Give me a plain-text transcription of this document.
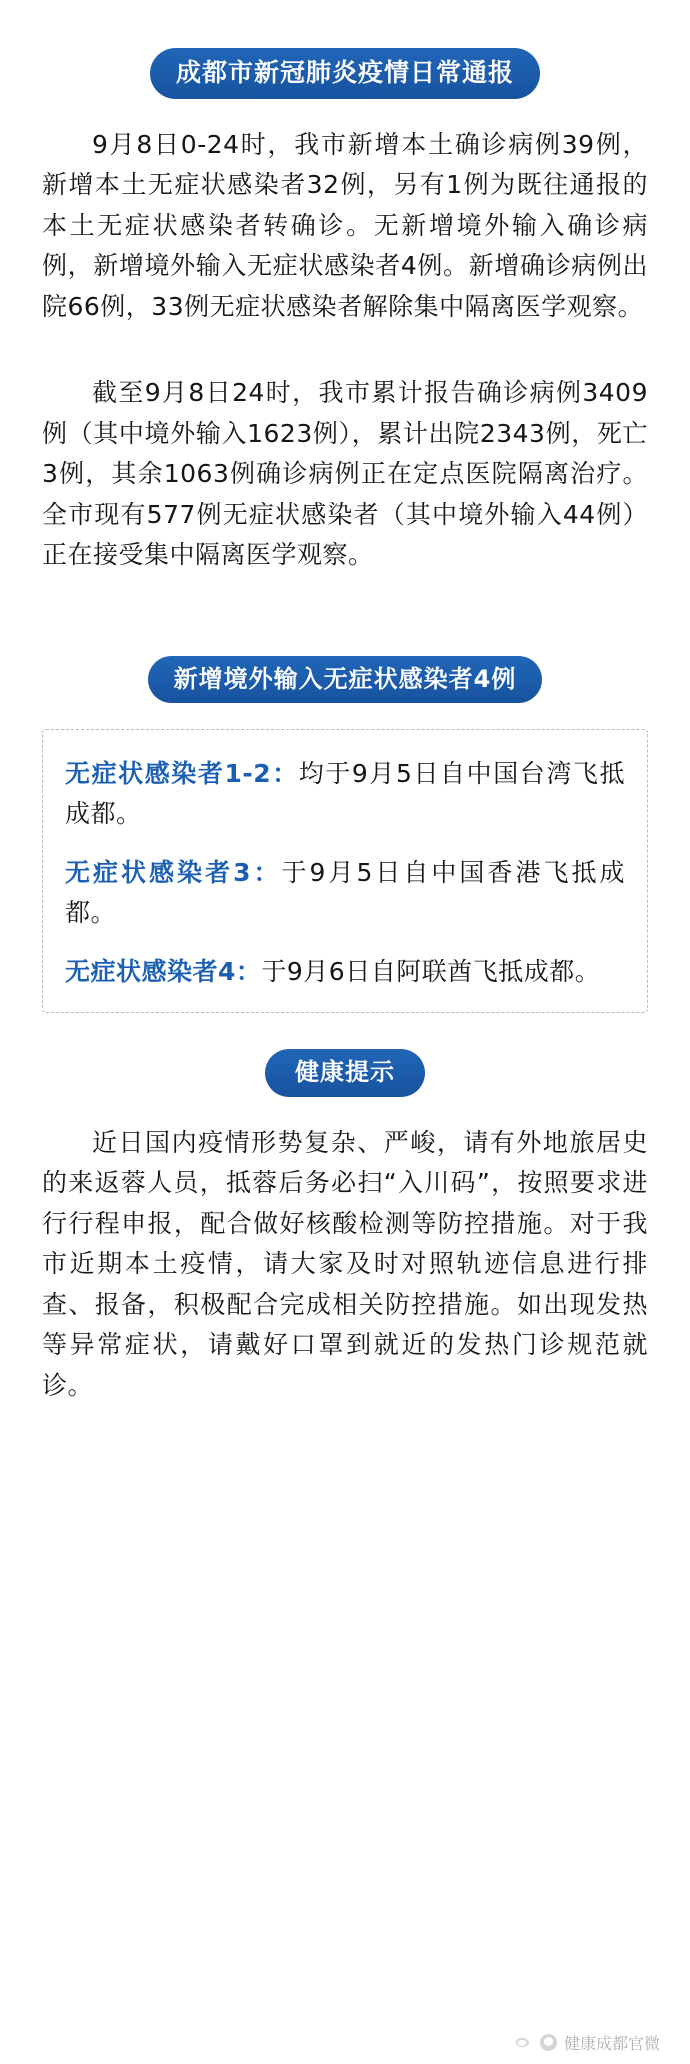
成都市新冠肺炎疫情日常通报

9月8日0-24时，我市新增本土确诊病例39例，新增本土无症状感染者32例，另有1例为既往通报的本土无症状感染者转确诊。无新增境外输入确诊病例，新增境外输入无症状感染者4例。新增确诊病例出院66例，33例无症状感染者解除集中隔离医学观察。

截至9月8日24时，我市累计报告确诊病例3409例（其中境外输入1623例），累计出院2343例，死亡3例，其余1063例确诊病例正在定点医院隔离治疗。全市现有577例无症状感染者（其中境外输入44例）正在接受集中隔离医学观察。

新增境外输入无症状感染者4例

无症状感染者1-2：均于9月5日自中国台湾飞抵成都。

无症状感染者3：于9月5日自中国香港飞抵成都。

无症状感染者4：于9月6日自阿联酋飞抵成都。

健康提示

近日国内疫情形势复杂、严峻，请有外地旅居史的来返蓉人员，抵蓉后务必扫“入川码”，按照要求进行行程申报，配合做好核酸检测等防控措施。对于我市近期本土疫情，请大家及时对照轨迹信息进行排查、报备，积极配合完成相关防控措施。如出现发热等异常症状，请戴好口罩到就近的发热门诊规范就诊。

健康成都官微
